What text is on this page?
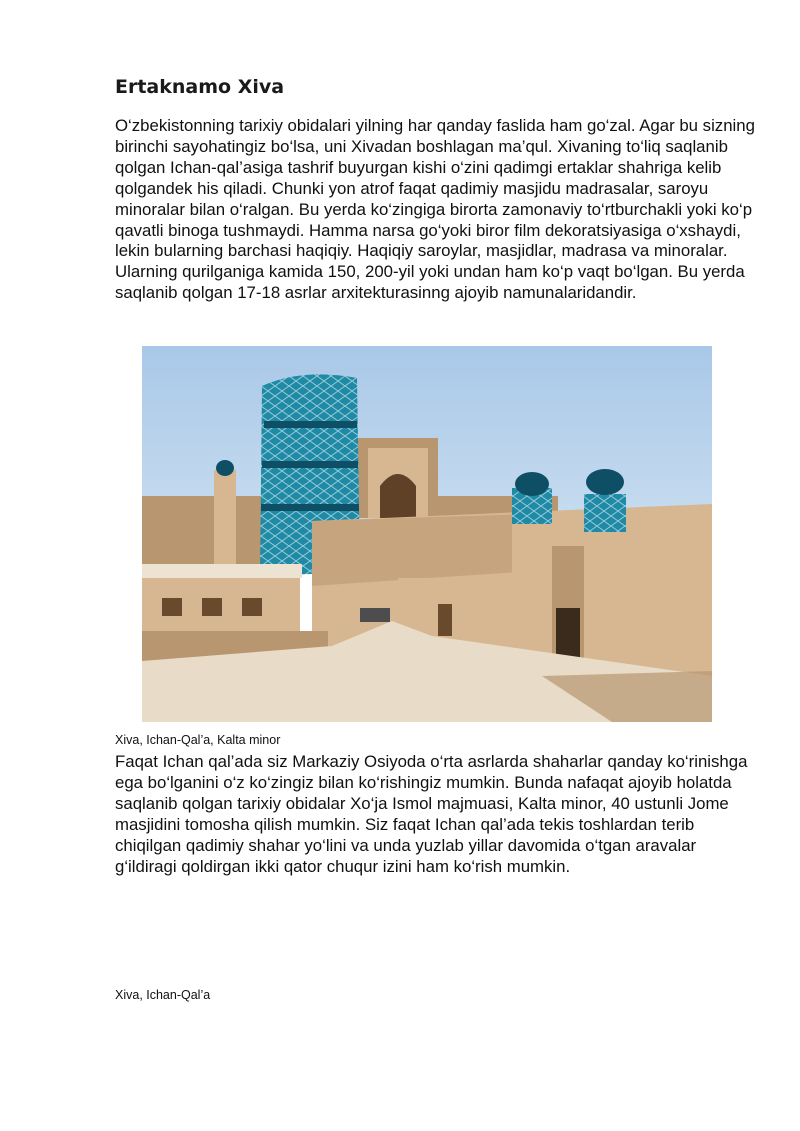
Ertaknamo Xiva

O‘zbekistonning tarixiy obidalari yilning har qanday faslida ham go‘zal. Agar bu sizning birinchi sayohatingiz bo‘lsa, uni Xivadan boshlagan ma’qul. Xivaning to‘liq saqlanib qolgan Ichan-qal’asiga tashrif buyurgan kishi o‘zini qadimgi ertaklar shahriga kelib qolgandek his qiladi. Chunki yon atrof faqat qadimiy masjidu madrasalar, saroyu minoralar bilan o‘ralgan. Bu yerda ko‘zingiga birorta zamonaviy to‘rtburchakli yoki ko‘p qavatli binoga tushmaydi. Hamma narsa go‘yoki biror film dekoratsiyasiga o‘xshaydi, lekin bularning barchasi haqiqiy. Haqiqiy saroylar, masjidlar, madrasa va minoralar. Ularning qurilganiga kamida 150, 200-yil yoki undan ham ko‘p vaqt bo‘lgan. Bu yerda saqlanib qolgan 17-18 asrlar arxitekturasinng ajoyib namunalaridandir.

Xiva, Ichan-Qal’a, Kalta minor

Faqat Ichan qal’ada siz Markaziy Osiyoda o‘rta asrlarda shaharlar qanday ko‘rinishga ega bo‘lganini o‘z ko‘zingiz bilan ko‘rishingiz mumkin. Bunda nafaqat ajoyib holatda saqlanib qolgan tarixiy obidalar Xo‘ja Ismol majmuasi, Kalta minor, 40 ustunli Jome masjidini tomosha qilish mumkin. Siz faqat Ichan qal’ada tekis toshlardan terib chiqilgan qadimiy shahar yo‘lini va unda yuzlab yillar davomida o‘tgan aravalar g‘ildiragi qoldirgan ikki qator chuqur izini ham ko‘rish mumkin.

Xiva, Ichan-Qal’a
